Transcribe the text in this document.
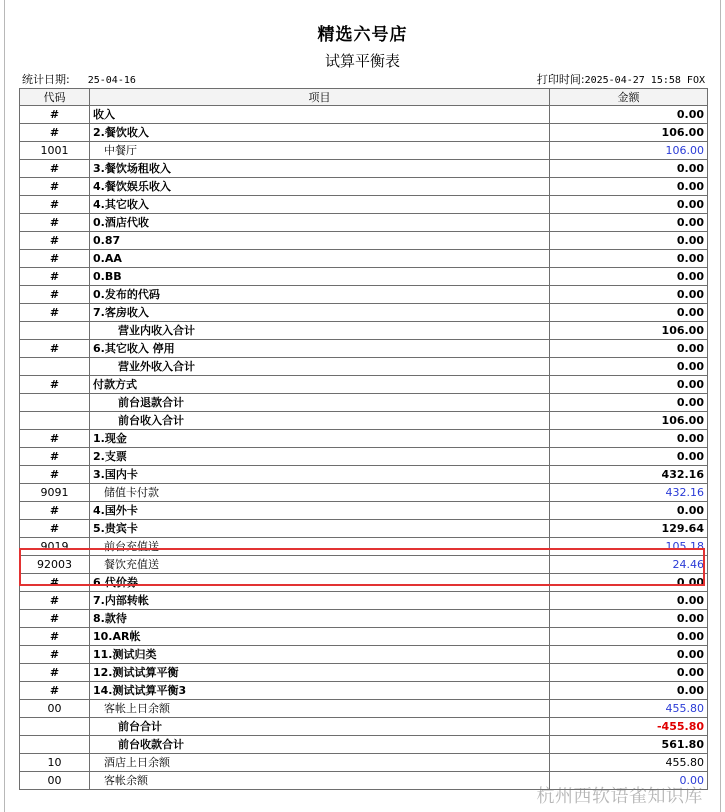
精选六号店
试算平衡表
统计日期: 25-04-16	打印时间:2025-04-27 15:58 FOX
代码	项目	金额
#	收入	0.00
#	2.餐饮收入	106.00
1001	中餐厅	106.00
#	3.餐饮场租收入	0.00
#	4.餐饮娱乐收入	0.00
#	4.其它收入	0.00
#	0.酒店代收	0.00
#	0.87	0.00
#	0.AA	0.00
#	0.BB	0.00
#	0.发布的代码	0.00
#	7.客房收入	0.00
	营业内收入合计	106.00
#	6.其它收入 停用	0.00
	营业外收入合计	0.00
#	付款方式	0.00
	前台退款合计	0.00
	前台收入合计	106.00
#	1.现金	0.00
#	2.支票	0.00
#	3.国内卡	432.16
9091	储值卡付款	432.16
#	4.国外卡	0.00
#	5.贵宾卡	129.64
9019	前台充值送	105.18
92003	餐饮充值送	24.46
#	6.代价券	0.00
#	7.内部转帐	0.00
#	8.款待	0.00
#	10.AR帐	0.00
#	11.测试归类	0.00
#	12.测试试算平衡	0.00
#	14.测试试算平衡3	0.00
00	客帐上日余额	455.80
	前台合计	-455.80
	前台收款合计	561.80
10	酒店上日余额	455.80
00	客帐余额	0.00
杭州西软语雀知识库
